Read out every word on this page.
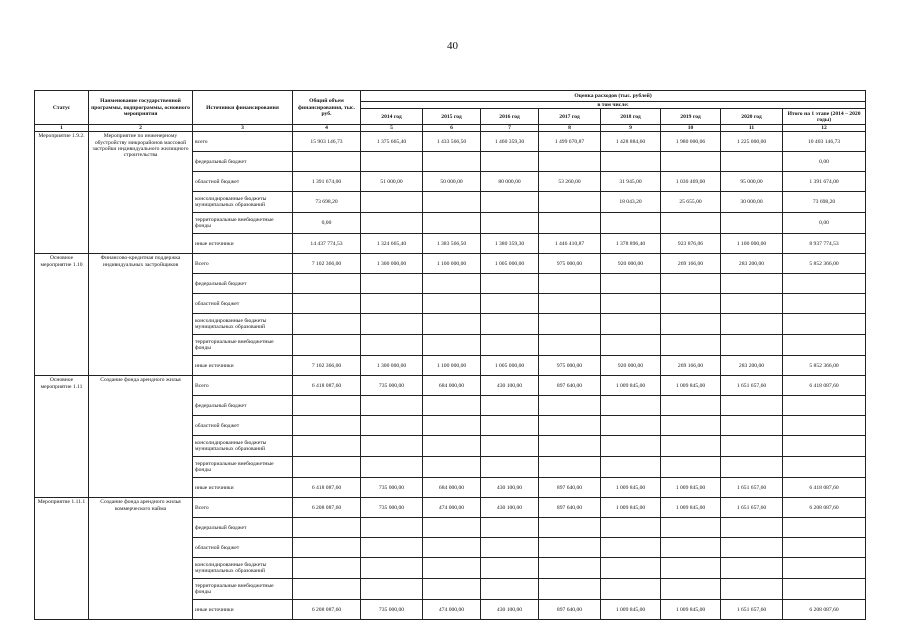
40
Статус	Наименование государственной программы, подпрограммы, основного мероприятия	Источники финансирования	Общий объем финансирования, тыс. руб.	Оценка расходов (тыс. рублей)							
				в том числе:							
				2014 год	2015 год	2016 год	2017 год	2018 год	2019 год	2020 год	Итого на 1 этапе (2014 – 2020 годы)
1	2	3	4	5	6	7	8	9	10	11	12
Мероприятие 1.9.2.	Мероприятие по инженерному обустройству микрорайонов массовой застройки индивидуального жилищного строительства	всего	15 903 146,73	1 375 665,40	1 433 566,50	1 460 359,30	1 499 670,87	1 428 884,60	1 980 000,06	1 225 000,00	10 403 146,73
		федеральный бюджет									0,00
		областной бюджет	1 391 674,00	51 000,00	50 000,00	80 000,00	53 260,00	31 945,00	1 030 469,00	95 000,00	1 391 674,00
		консолидированные бюджеты муниципальных образований	73 698,20					18 043,20	25 655,00	30 000,00	73 698,20
		территориальные внебюджетные фонды	0,00								0,00
		иные источники	14 437 774,53	1 324 665,40	1 383 566,50	1 380 359,30	1 446 410,87	1 378 896,40	923 876,06	1 100 000,00	8 937 774,53
Основное мероприятие 1.10	Финансово-кредитная поддержка индивидуальных застройщиков	Всего	7 102 366,00	1 300 000,00	1 100 000,00	1 005 000,00	975 000,00	920 000,00	269 166,00	283 200,00	5 852 366,00
		федеральный бюджет									
		областной бюджет									
		консолидированные бюджеты муниципальных образований									
		территориальные внебюджетные фонды									
		иные источники	7 102 366,00	1 300 000,00	1 100 000,00	1 005 000,00	975 000,00	920 000,00	269 166,00	283 200,00	5 852 366,00
Основное мероприятие 1.11	Создание фонда арендного жилья	Всего	6 418 087,60	735 000,00	684 000,00	430 100,00	897 640,00	1 009 845,00	1 009 845,00	1 651 657,60	6 418 087,60
		федеральный бюджет									
		областной бюджет									
		консолидированные бюджеты муниципальных образований									
		территориальные внебюджетные фонды									
		иные источники	6 418 087,60	735 000,00	684 000,00	430 100,00	897 640,00	1 009 845,00	1 009 845,00	1 651 657,60	6 418 087,60
Мероприятие 1.11.1	Создание фонда арендного жилья коммерческого найма	Всего	6 208 087,60	735 000,00	474 000,00	430 100,00	897 640,00	1 009 845,00	1 009 845,00	1 651 657,60	6 208 087,60
		федеральный бюджет									
		областной бюджет									
		консолидированные бюджеты муниципальных образований									
		территориальные внебюджетные фонды									
		иные источники	6 208 087,60	735 000,00	474 000,00	430 100,00	897 640,00	1 009 845,00	1 009 845,00	1 651 657,60	6 208 087,60
